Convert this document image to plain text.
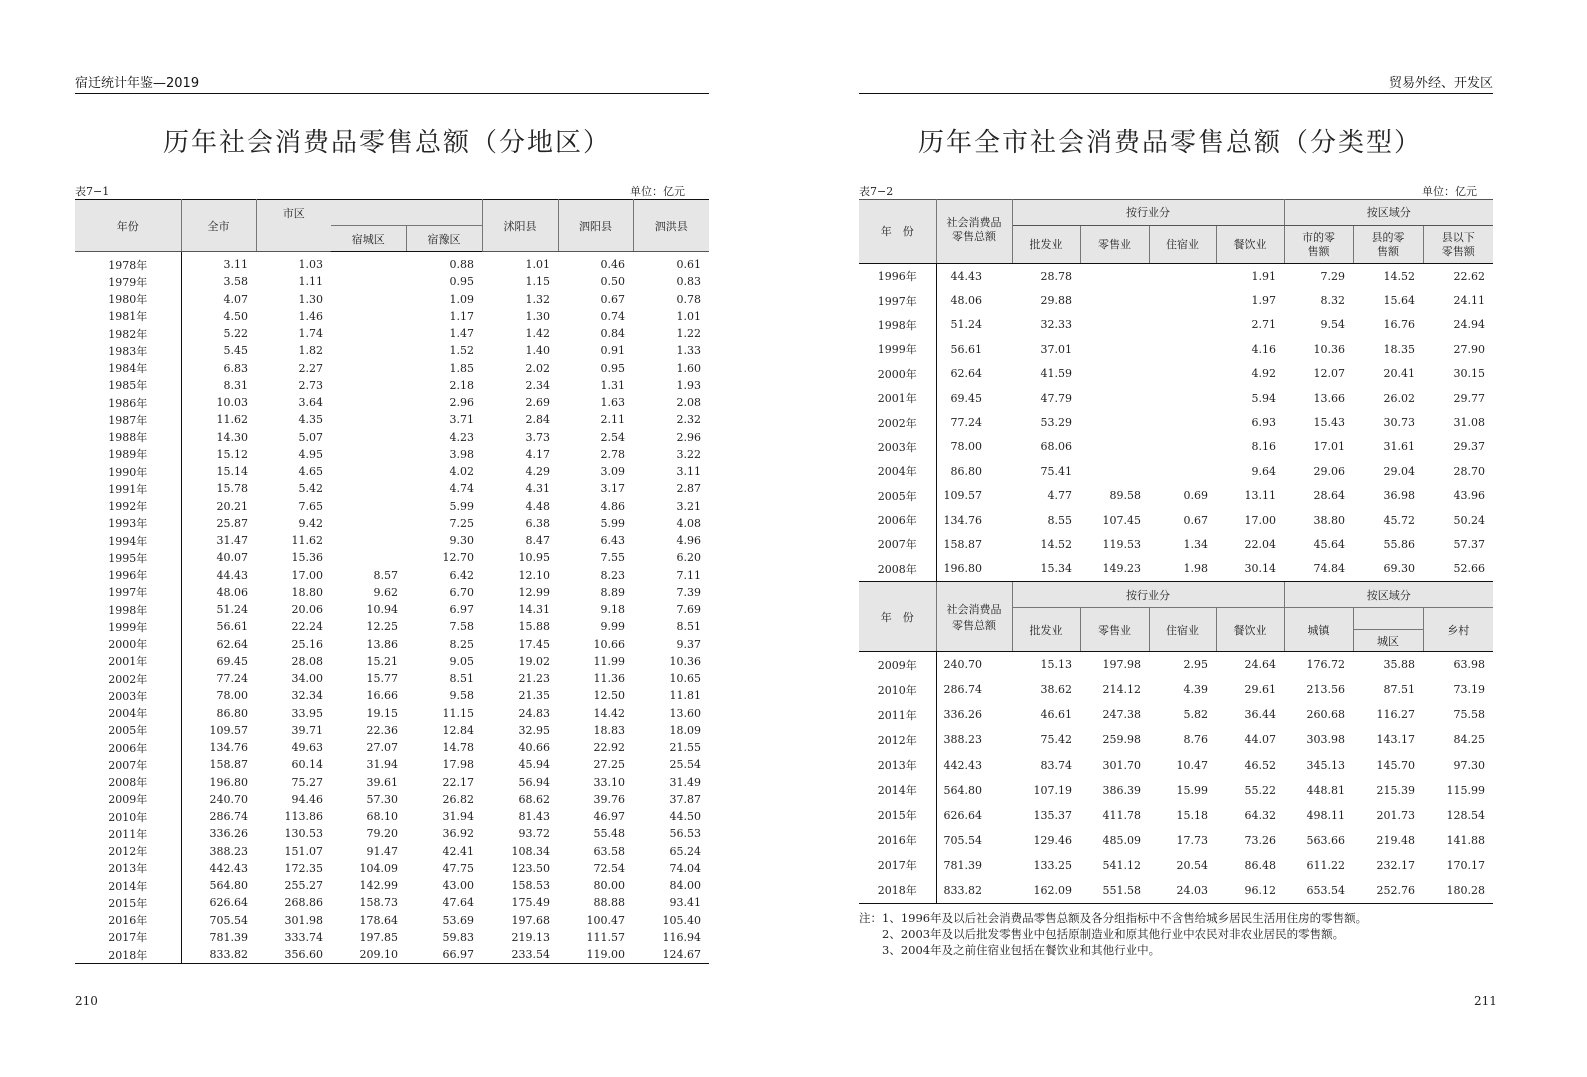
宿迁统计年鉴—2019
历年社会消费品零售总额（分地区）
表7−1	单位：亿元
年份	全市	市区			沭阳县	泗阳县	泗洪县
			宿城区	宿豫区			
1978年	3.11	1.03		0.88	1.01	0.46	0.61
1979年	3.58	1.11		0.95	1.15	0.50	0.83
1980年	4.07	1.30		1.09	1.32	0.67	0.78
1981年	4.50	1.46		1.17	1.30	0.74	1.01
1982年	5.22	1.74		1.47	1.42	0.84	1.22
1983年	5.45	1.82		1.52	1.40	0.91	1.33
1984年	6.83	2.27		1.85	2.02	0.95	1.60
1985年	8.31	2.73		2.18	2.34	1.31	1.93
1986年	10.03	3.64		2.96	2.69	1.63	2.08
1987年	11.62	4.35		3.71	2.84	2.11	2.32
1988年	14.30	5.07		4.23	3.73	2.54	2.96
1989年	15.12	4.95		3.98	4.17	2.78	3.22
1990年	15.14	4.65		4.02	4.29	3.09	3.11
1991年	15.78	5.42		4.74	4.31	3.17	2.87
1992年	20.21	7.65		5.99	4.48	4.86	3.21
1993年	25.87	9.42		7.25	6.38	5.99	4.08
1994年	31.47	11.62		9.30	8.47	6.43	4.96
1995年	40.07	15.36		12.70	10.95	7.55	6.20
1996年	44.43	17.00	8.57	6.42	12.10	8.23	7.11
1997年	48.06	18.80	9.62	6.70	12.99	8.89	7.39
1998年	51.24	20.06	10.94	6.97	14.31	9.18	7.69
1999年	56.61	22.24	12.25	7.58	15.88	9.99	8.51
2000年	62.64	25.16	13.86	8.25	17.45	10.66	9.37
2001年	69.45	28.08	15.21	9.05	19.02	11.99	10.36
2002年	77.24	34.00	15.77	8.51	21.23	11.36	10.65
2003年	78.00	32.34	16.66	9.58	21.35	12.50	11.81
2004年	86.80	33.95	19.15	11.15	24.83	14.42	13.60
2005年	109.57	39.71	22.36	12.84	32.95	18.83	18.09
2006年	134.76	49.63	27.07	14.78	40.66	22.92	21.55
2007年	158.87	60.14	31.94	17.98	45.94	27.25	25.54
2008年	196.80	75.27	39.61	22.17	56.94	33.10	31.49
2009年	240.70	94.46	57.30	26.82	68.62	39.76	37.87
2010年	286.74	113.86	68.10	31.94	81.43	46.97	44.50
2011年	336.26	130.53	79.20	36.92	93.72	55.48	56.53
2012年	388.23	151.07	91.47	42.41	108.34	63.58	65.24
2013年	442.43	172.35	104.09	47.75	123.50	72.54	74.04
2014年	564.80	255.27	142.99	43.00	158.53	80.00	84.00
2015年	626.64	268.86	158.73	47.64	175.49	88.88	93.41
2016年	705.54	301.98	178.64	53.69	197.68	100.47	105.40
2017年	781.39	333.74	197.85	59.83	219.13	111.57	116.94
2018年	833.82	356.60	209.10	66.97	233.54	119.00	124.67
210
贸易外经、开发区
历年全市社会消费品零售总额（分类型）
表7−2	单位：亿元
211
年　份	社会消费品零售总额	按行业分				按区域分		
		批发业	零售业	住宿业	餐饮业	市的零售额	县的零售额	县以下零售额
1996年	44.43	28.78			1.91	7.29	14.52	22.62
1997年	48.06	29.88			1.97	8.32	15.64	24.11
1998年	51.24	32.33			2.71	9.54	16.76	24.94
1999年	56.61	37.01			4.16	10.36	18.35	27.90
2000年	62.64	41.59			4.92	12.07	20.41	30.15
2001年	69.45	47.79			5.94	13.66	26.02	29.77
2002年	77.24	53.29			6.93	15.43	30.73	31.08
2003年	78.00	68.06			8.16	17.01	31.61	29.37
2004年	86.80	75.41			9.64	29.06	29.04	28.70
2005年	109.57	4.77	89.58	0.69	13.11	28.64	36.98	43.96
2006年	134.76	8.55	107.45	0.67	17.00	38.80	45.72	50.24
2007年	158.87	14.52	119.53	1.34	22.04	45.64	55.86	57.37
2008年	196.80	15.34	149.23	1.98	30.14	74.84	69.30	52.66
年　份	社会消费品零售总额	按行业分				按区域分		
		批发业	零售业	住宿业	餐饮业	城镇		乡村
							城区	
2009年	240.70	15.13	197.98	2.95	24.64	176.72	35.88	63.98
2010年	286.74	38.62	214.12	4.39	29.61	213.56	87.51	73.19
2011年	336.26	46.61	247.38	5.82	36.44	260.68	116.27	75.58
2012年	388.23	75.42	259.98	8.76	44.07	303.98	143.17	84.25
2013年	442.43	83.74	301.70	10.47	46.52	345.13	145.70	97.30
2014年	564.80	107.19	386.39	15.99	55.22	448.81	215.39	115.99
2015年	626.64	135.37	411.78	15.18	64.32	498.11	201.73	128.54
2016年	705.54	129.46	485.09	17.73	73.26	563.66	219.48	141.88
2017年	781.39	133.25	541.12	20.54	86.48	611.22	232.17	170.17
2018年	833.82	162.09	551.58	24.03	96.12	653.54	252.76	180.28
注：1、1996年及以后社会消费品零售总额及各分组指标中不含售给城乡居民生活用住房的零售额。
　　2、2003年及以后批发零售业中包括原制造业和原其他行业中农民对非农业居民的零售额。
　　3、2004年及之前住宿业包括在餐饮业和其他行业中。
